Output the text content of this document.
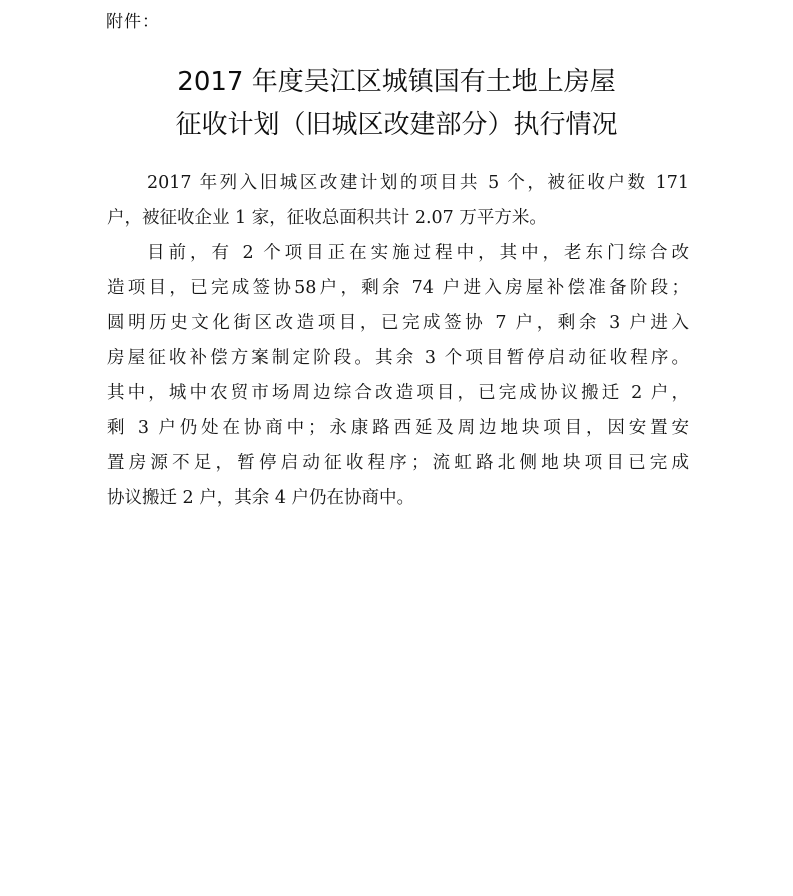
附件：
2017 年度吴江区城镇国有土地上房屋
征收计划（旧城区改建部分）执行情况

2017 年列入旧城区改建计划的项目共 5 个，被征收户数 171
户，被征收企业 1 家，征收总面积共计 2.07 万平方米。

目前，有 2 个项目正在实施过程中，其中，老东门综合改
造项目，已完成签协58户，剩余 74 户进入房屋补偿准备阶段；
圆明历史文化街区改造项目，已完成签协 7 户，剩余 3 户进入
房屋征收补偿方案制定阶段。其余 3 个项目暂停启动征收程序。
其中，城中农贸市场周边综合改造项目，已完成协议搬迁 2 户，
剩 3 户仍处在协商中；永康路西延及周边地块项目，因安置安
置房源不足，暂停启动征收程序；流虹路北侧地块项目已完成
协议搬迁 2 户，其余 4 户仍在协商中。
